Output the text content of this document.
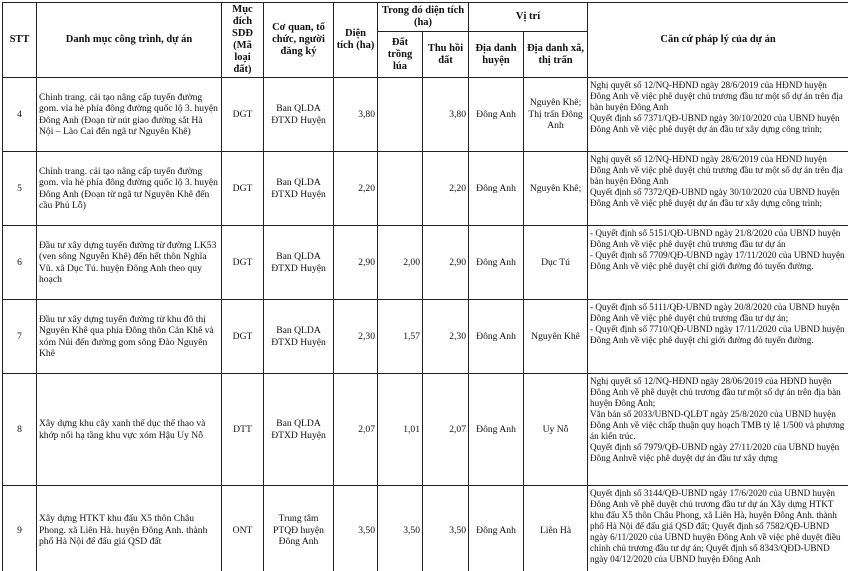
STT	Danh mục công trình, dự án	Mục đích SDĐ (Mã loại đất)	Cơ quan, tổ chức, người đăng ký	Diện tích (ha)	Trong đó diện tích (ha)		Vị trí		Căn cứ pháp lý của dự án
					Đất trồng lúa	Thu hồi đất	Địa danh huyện	Địa danh xã, thị trấn	
4	Chỉnh trang. cải tạo nâng cấp tuyến đường gom. vỉa hè phía đông đường quốc lộ 3. huyện Đông Anh (Đoạn từ nút giao đường sắt Hà Nội – Lào Cai đến ngã tư Nguyên Khê)	DGT	Ban QLDA ĐTXD Huyện	3,80		3,80	Đông Anh	Nguyên Khê; Thị trấn Đông Anh	Nghị quyết số 12/NQ-HĐND ngày 28/6/2019 của HĐND huyện Đông Anh về việc phê duyệt chủ trương đầu tư một số dự án trên địa bàn huyện Đông Anh
Quyết định số 7371/QĐ-UBND ngày 30/10/2020 của UBND huyện Đông Anh về việc phê duyệt dự án đầu tư xây dựng công trình;
5	Chỉnh trang. cải tạo nâng cấp tuyến đường gom. vỉa hè phía đông đường quốc lộ 3. huyện Đông Anh (Đoạn từ ngã tư Nguyên Khê đến cầu Phủ Lỗ)	DGT	Ban QLDA ĐTXD Huyện	2,20		2,20	Đông Anh	Nguyên Khê;	Nghị quyết số 12/NQ-HĐND ngày 28/6/2019 của HĐND huyện Đông Anh về việc phê duyệt chủ trương đầu tư một số dự án trên địa bàn huyện Đông Anh
Quyết định số 7372/QĐ-UBND ngày 30/10/2020 của UBND huyện Đông Anh về việc phê duyệt dự án đầu tư xây dựng công trình;
6	Đầu tư xây dựng tuyến đường từ đường LK53 (ven sông Nguyễn Khê) đến hết thôn Nghĩa Vũ. xã Dục Tú. huyện Đông Anh theo quy hoạch	DGT	Ban QLDA ĐTXD Huyện	2,90	2,00	2,90	Đông Anh	Dục Tú	- Quyết định số 5151/QĐ-UBND ngày 21/8/2020 của UBND huyện Đông Anh về việc phê duyệt chủ trương đầu tư dự án
- Quyết định số 7709/QĐ-UBND ngày 17/11/2020 của UBND huyện Đông Anh về việc phê duyệt chỉ giới đường đỏ tuyến đường.
7	Đầu tư xây dựng tuyến đường từ khu đô thị Nguyên Khê qua phía Đông thôn Cán Khê và xóm Núi đến đường gom sông Đào Nguyên Khê	DGT	Ban QLDA ĐTXD Huyện	2,30	1,57	2,30	Đông Anh	Nguyên Khê	- Quyết định số 5111/QĐ-UBND ngày 20/8/2020 của UBND huyện Đông Anh về việc phê duyệt chủ trương đầu tư dự án;
- Quyết định số 7710/QĐ-UBND ngày 17/11/2020 của UBND huyện Đông Anh về việc phê duyệt chỉ giới đường đỏ tuyến đường.
8	Xây dựng khu cây xanh thể dục thể thao và khớp nối hạ tầng khu vực xóm Hậu Uy Nỗ	DTT	Ban QLDA ĐTXD Huyện	2,07	1,01	2,07	Đông Anh	Uy Nỗ	Nghị quyết số 12/NQ-HĐND ngày 28/06/2019 của HĐND huyện Đông Anh về phê duyệt chủ trương đầu tư một số dự án trên địa bàn huyện Đông Anh;
Văn bản số 2033/UBND-QLĐT ngày 25/8/2020 của UBND huyện Đông Anh về việc chấp thuận quy hoạch TMB tỷ lệ 1/500 và phương án kiến trúc.
Quyết định số 7979/QĐ-UBND ngày 27/11/2020 của UBND huyện Đông Anhvề việc phê duyệt dự án đầu tư xây dựng
9	Xây dựng HTKT khu đấu X5 thôn Châu Phong. xã Liên Hà. huyện Đông Anh. thành phố Hà Nội để đấu giá QSD đất	ONT	Trung tâm PTQĐ huyện Đông Anh	3,50	3,50	3,50	Đông Anh	Liên Hà	Quyết định số 3144/QĐ-UBND ngày 17/6/2020 của UBND huyện Đông Anh về phê duyệt chủ trương đầu tư dự án Xây dựng HTKT khu đấu X5 thôn Châu Phong, xã Liên Hà, huyện Đông Anh. thành phố Hà Nội để đấu giá QSD đất; Quyết định số 7582/QĐ-UBND ngày 6/11/2020 của UBND huyện Đông Anh về việc phê duyệt điều chỉnh chủ trương đầu tư dự án; Quyết định số 8343/QĐD-UBND ngày 04/12/2020 của UBND huyện Đông Anh
